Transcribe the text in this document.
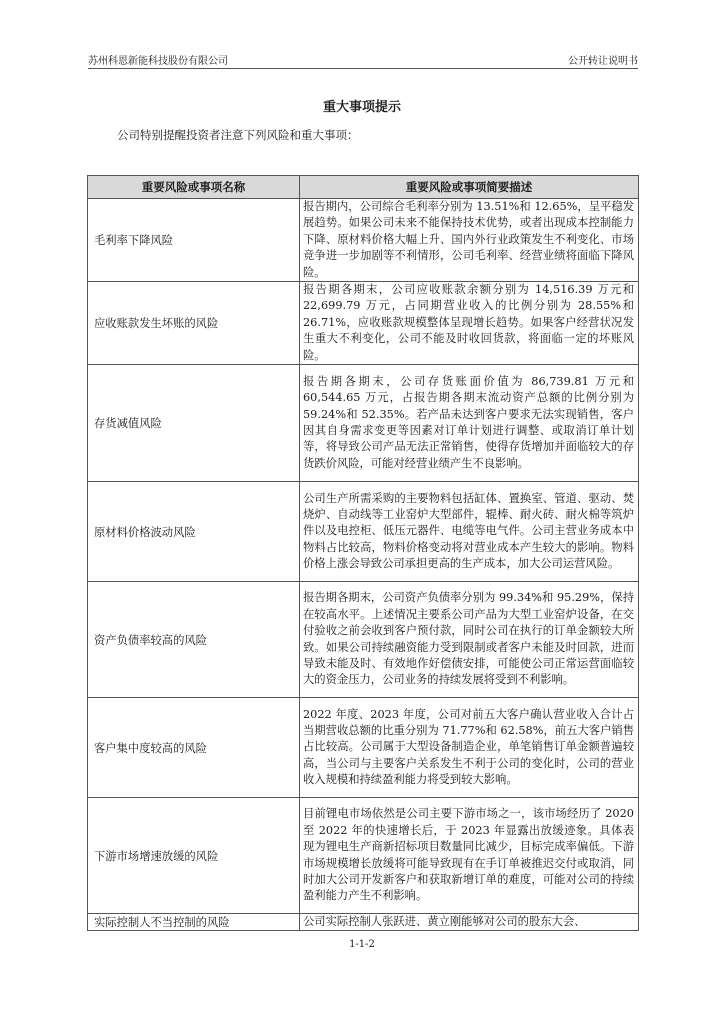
苏州科恩新能科技股份有限公司	公开转让说明书
重大事项提示
公司特别提醒投资者注意下列风险和重大事项：
重要风险或事项名称	重要风险或事项简要描述
毛利率下降风险	报告期内，公司综合毛利率分别为 13.51%和 12.65%，呈平稳发展趋势。如果公司未来不能保持技术优势，或者出现成本控制能力下降、原材料价格大幅上升、国内外行业政策发生不利变化、市场竞争进一步加剧等不利情形，公司毛利率、经营业绩将面临下降风险。
应收账款发生坏账的风险	报告期各期末，公司应收账款余额分别为 14,516.39 万元和 22,699.79 万元，占同期营业收入的比例分别为 28.55%和 26.71%，应收账款规模整体呈现增长趋势。如果客户经营状况发生重大不利变化，公司不能及时收回货款，将面临一定的坏账风险。
存货减值风险	报告期各期末，公司存货账面价值为 86,739.81 万元和 60,544.65 万元，占报告期各期末流动资产总额的比例分别为 59.24%和 52.35%。若产品未达到客户要求无法实现销售，客户因其自身需求变更等因素对订单计划进行调整、或取消订单计划等，将导致公司产品无法正常销售，使得存货增加并面临较大的存货跌价风险，可能对经营业绩产生不良影响。
原材料价格波动风险	公司生产所需采购的主要物料包括缸体、置换室、管道、驱动、焚烧炉、自动线等工业窑炉大型部件，辊棒、耐火砖、耐火棉等筑炉件以及电控柜、低压元器件、电缆等电气件。公司主营业务成本中物料占比较高，物料价格变动将对营业成本产生较大的影响。物料价格上涨会导致公司承担更高的生产成本，加大公司运营风险。
资产负债率较高的风险	报告期各期末，公司资产负债率分别为 99.34%和 95.29%，保持在较高水平。上述情况主要系公司产品为大型工业窑炉设备，在交付验收之前会收到客户预付款，同时公司在执行的订单金额较大所致。如果公司持续融资能力受到限制或者客户未能及时回款，进而导致未能及时、有效地作好偿债安排，可能使公司正常运营面临较大的资金压力，公司业务的持续发展将受到不利影响。
客户集中度较高的风险	2022 年度、2023 年度，公司对前五大客户确认营业收入合计占当期营收总额的比重分别为 71.77%和 62.58%，前五大客户销售占比较高。公司属于大型设备制造企业，单笔销售订单金额普遍较高，当公司与主要客户关系发生不利于公司的变化时，公司的营业收入规模和持续盈利能力将受到较大影响。
下游市场增速放缓的风险	目前锂电市场依然是公司主要下游市场之一，该市场经历了 2020 至 2022 年的快速增长后，于 2023 年显露出放缓迹象。具体表现为锂电生产商新招标项目数量同比减少，目标完成率偏低。下游市场规模增长放缓将可能导致现有在手订单被推迟交付或取消，同时加大公司开发新客户和获取新增订单的难度，可能对公司的持续盈利能力产生不利影响。
实际控制人不当控制的风险	公司实际控制人张跃进、黄立刚能够对公司的股东大会、
1-1-2
